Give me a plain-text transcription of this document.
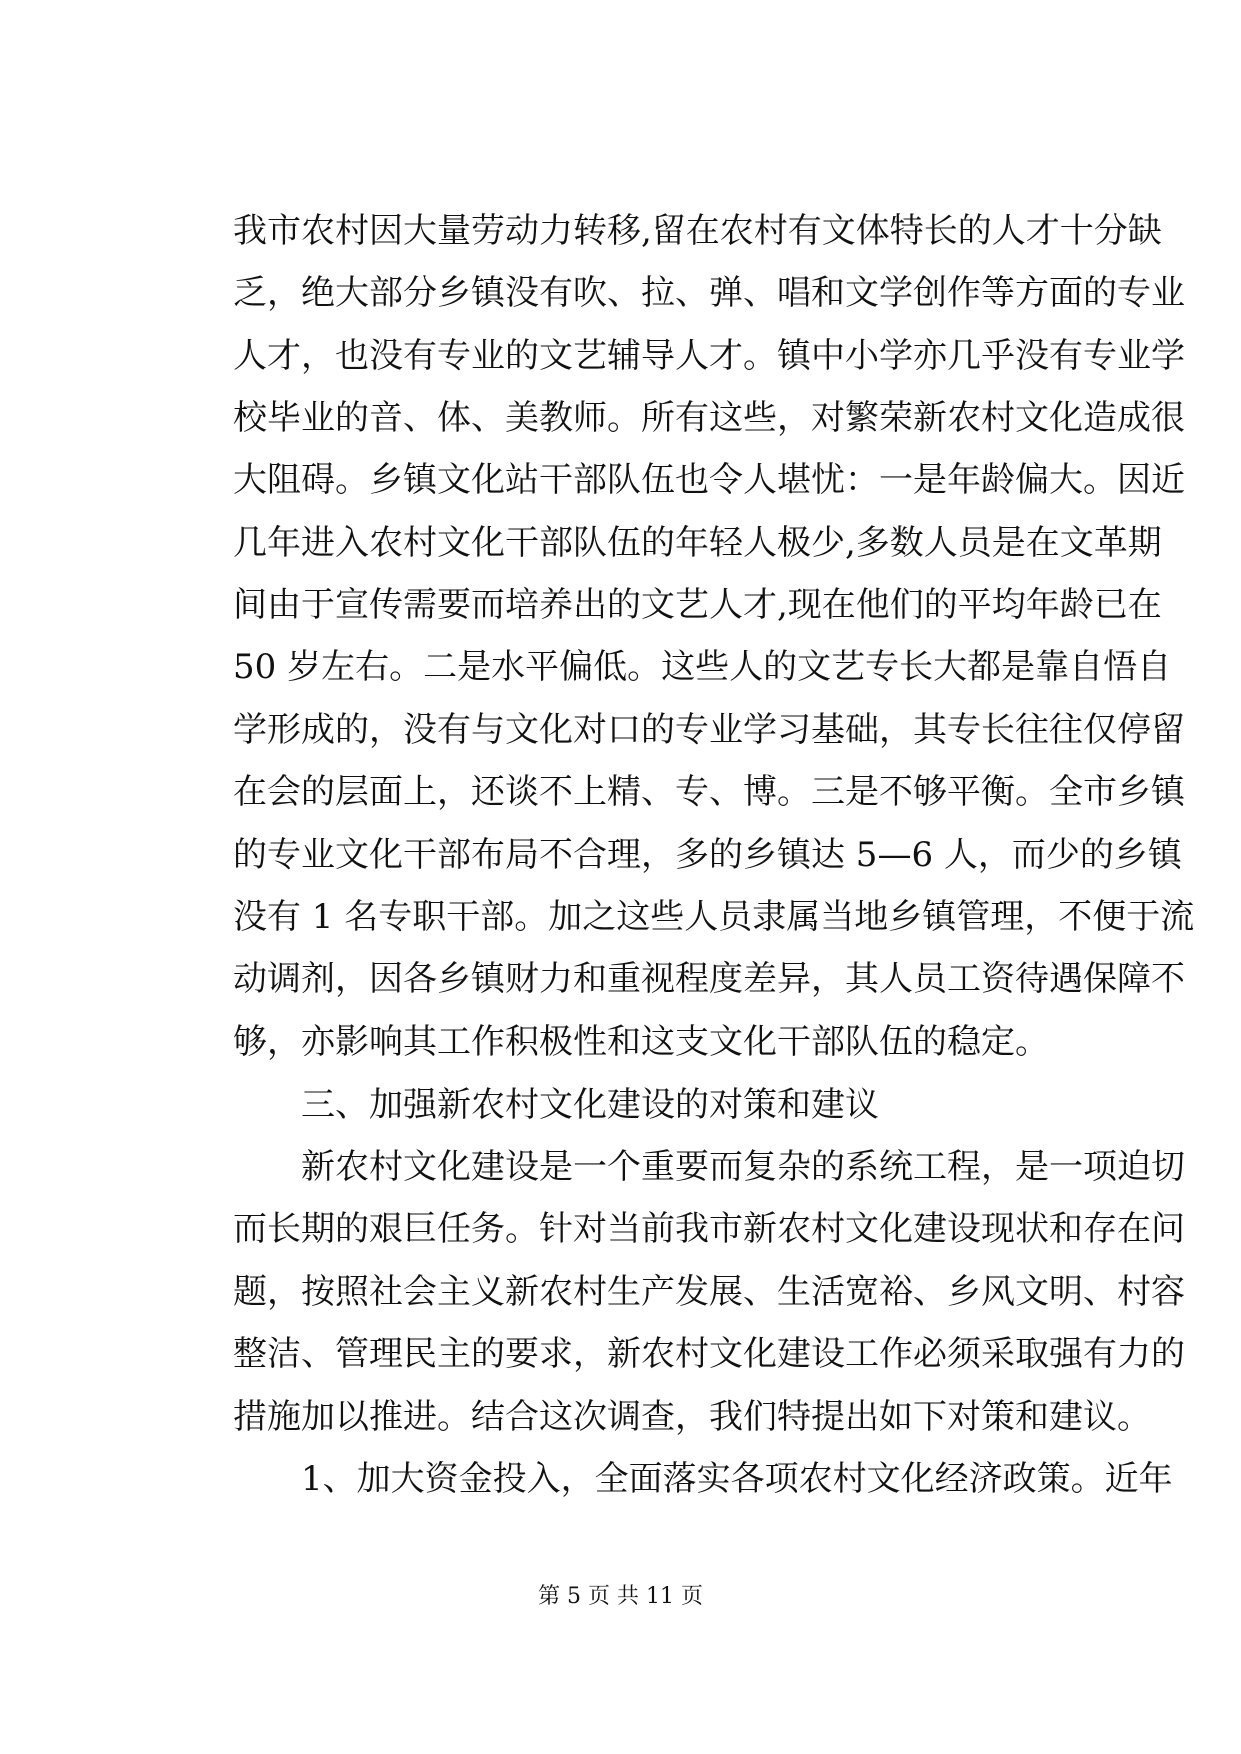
我市农村因大量劳动力转移,留在农村有文体特长的人才十分缺
乏，绝大部分乡镇没有吹、拉、弹、唱和文学创作等方面的专业
人才，也没有专业的文艺辅导人才。镇中小学亦几乎没有专业学
校毕业的音、体、美教师。所有这些，对繁荣新农村文化造成很
大阻碍。乡镇文化站干部队伍也令人堪忧：一是年龄偏大。因近
几年进入农村文化干部队伍的年轻人极少,多数人员是在文革期
间由于宣传需要而培养出的文艺人才,现在他们的平均年龄已在
50 岁左右。二是水平偏低。这些人的文艺专长大都是靠自悟自
学形成的，没有与文化对口的专业学习基础，其专长往往仅停留
在会的层面上，还谈不上精、专、博。三是不够平衡。全市乡镇
的专业文化干部布局不合理，多的乡镇达 5—6 人，而少的乡镇
没有 1 名专职干部。加之这些人员隶属当地乡镇管理，不便于流
动调剂，因各乡镇财力和重视程度差异，其人员工资待遇保障不
够，亦影响其工作积极性和这支文化干部队伍的稳定。
三、加强新农村文化建设的对策和建议
新农村文化建设是一个重要而复杂的系统工程，是一项迫切
而长期的艰巨任务。针对当前我市新农村文化建设现状和存在问
题，按照社会主义新农村生产发展、生活宽裕、乡风文明、村容
整洁、管理民主的要求，新农村文化建设工作必须采取强有力的
措施加以推进。结合这次调查，我们特提出如下对策和建议。
1、加大资金投入，全面落实各项农村文化经济政策。近年
第 5 页 共 11 页
